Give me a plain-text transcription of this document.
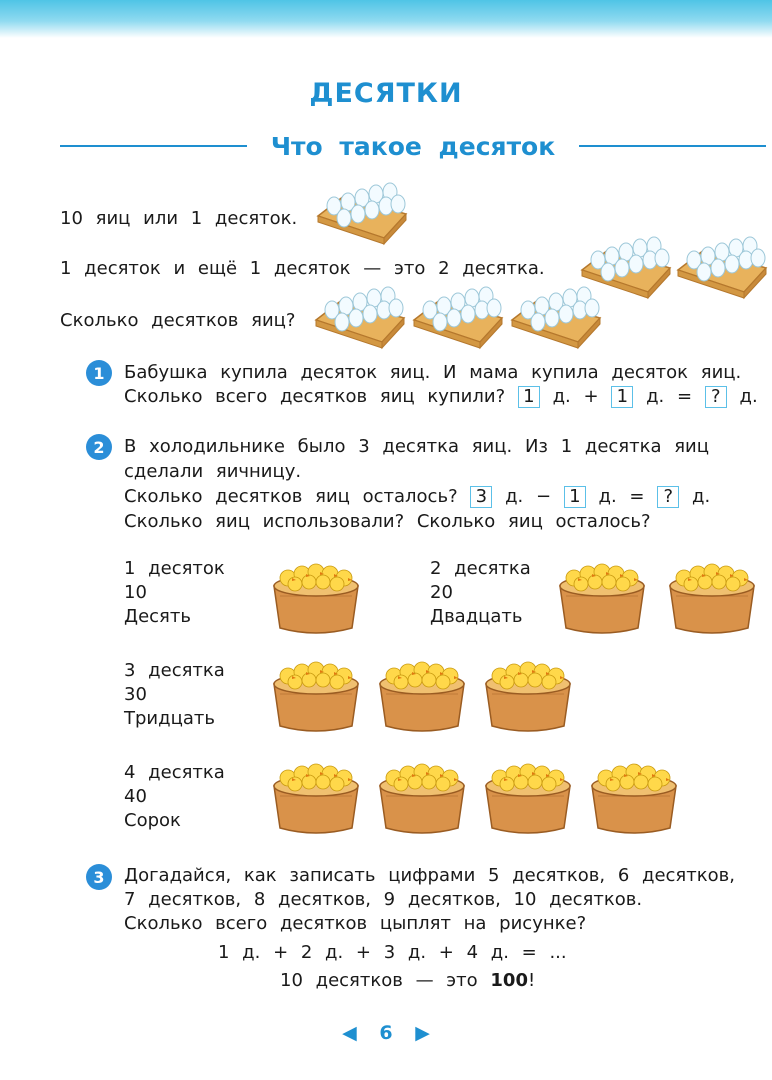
ДЕСЯТКИ
Что такое десяток
10 яиц или 1 десяток.
1 десяток и ещё 1 десяток — это 2 десятка.
Сколько десятков яиц?
1	Бабушка купила десяток яиц. И мама купила десяток яиц.
Сколько всего десятков яиц купили? 1 д. + 1 д. = ? д.
2	В холодильнике было 3 десятка яиц. Из 1 десятка яиц
сделали яичницу.
Сколько десятков яиц осталось? 3 д. − 1 д. = ? д.
Сколько яиц использовали? Сколько яиц осталось?
1 десяток
10
Десять
2 десятка
20
Двадцать
3 десятка
30
Тридцать
4 десятка
40
Сорок
3	Догадайся, как записать цифрами 5 десятков, 6 десятков,
7 десятков, 8 десятков, 9 десятков, 10 десятков.
Сколько всего десятков цыплят на рисунке?
1 д. + 2 д. + 3 д. + 4 д. = ...
10 десятков — это 100!
◀ 6 ▶
